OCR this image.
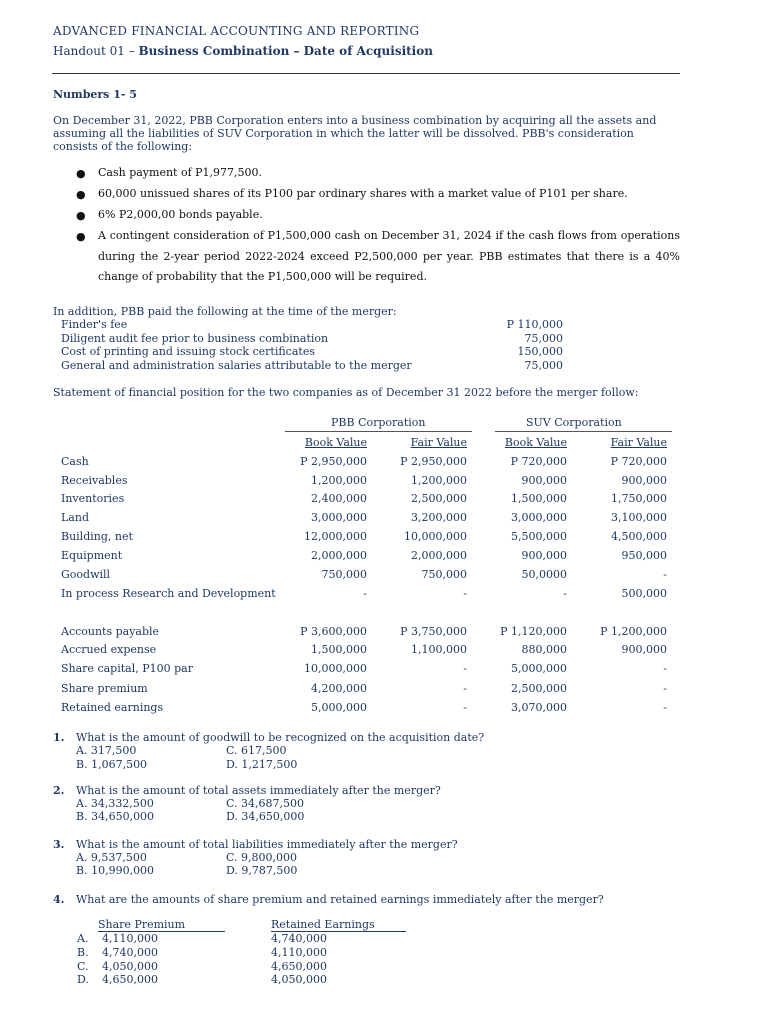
ADVANCED FINANCIAL ACCOUNTING AND REPORTING
Handout 01 – Business Combination – Date of Acquisition
Numbers 1- 5
On December 31, 2022, PBB Corporation enters into a business combination by acquiring all the assets and assuming all the liabilities of SUV Corporation in which the latter will be dissolved. PBB's consideration consists of the following:
● Cash payment of P1,977,500.
● 60,000 unissued shares of its P100 par ordinary shares with a market value of P101 per share.
● 6% P2,000,00 bonds payable.
● A contingent consideration of P1,500,000 cash on December 31, 2024 if the cash flows from operations during the 2-year period 2022-2024 exceed P2,500,000 per year. PBB estimates that there is a 40% change of probability that the P1,500,000 will be required.
In addition, PBB paid the following at the time of the merger:
Finder's fee	P 110,000
Diligent audit fee prior to business combination	75,000
Cost of printing and issuing stock certificates	150,000
General and administration salaries attributable to the merger	75,000
Statement of financial position for the two companies as of December 31 2022 before the merger follow:
PBB Corporation	SUV Corporation
Book Value	Fair Value	Book Value	Fair Value
Cash	P 2,950,000	P 2,950,000	P 720,000	P 720,000
Receivables	1,200,000	1,200,000	900,000	900,000
Inventories	2,400,000	2,500,000	1,500,000	1,750,000
Land	3,000,000	3,200,000	3,000,000	3,100,000
Building, net	12,000,000	10,000,000	5,500,000	4,500,000
Equipment	2,000,000	2,000,000	900,000	950,000
Goodwill	750,000	750,000	50,0000	-
In process Research and Development	-	-	-	500,000
Accounts payable	P 3,600,000	P 3,750,000	P 1,120,000	P 1,200,000
Accrued expense	1,500,000	1,100,000	880,000	900,000
Share capital, P100 par	10,000,000	-	5,000,000	-
Share premium	4,200,000	-	2,500,000	-
Retained earnings	5,000,000	-	3,070,000	-
1. What is the amount of goodwill to be recognized on the acquisition date?
A. 317,500	C. 617,500
B. 1,067,500	D. 1,217,500
2. What is the amount of total assets immediately after the merger?
A. 34,332,500	C. 34,687,500
B. 34,650,000	D. 34,650,000
3. What is the amount of total liabilities immediately after the merger?
A. 9,537,500	C. 9,800,000
B. 10,990,000	D. 9,787,500
4. What are the amounts of share premium and retained earnings immediately after the merger?
Share Premium	Retained Earnings
A. 4,110,000	4,740,000
B. 4,740,000	4,110,000
C. 4,050,000	4,650,000
D. 4,650,000	4,050,000
